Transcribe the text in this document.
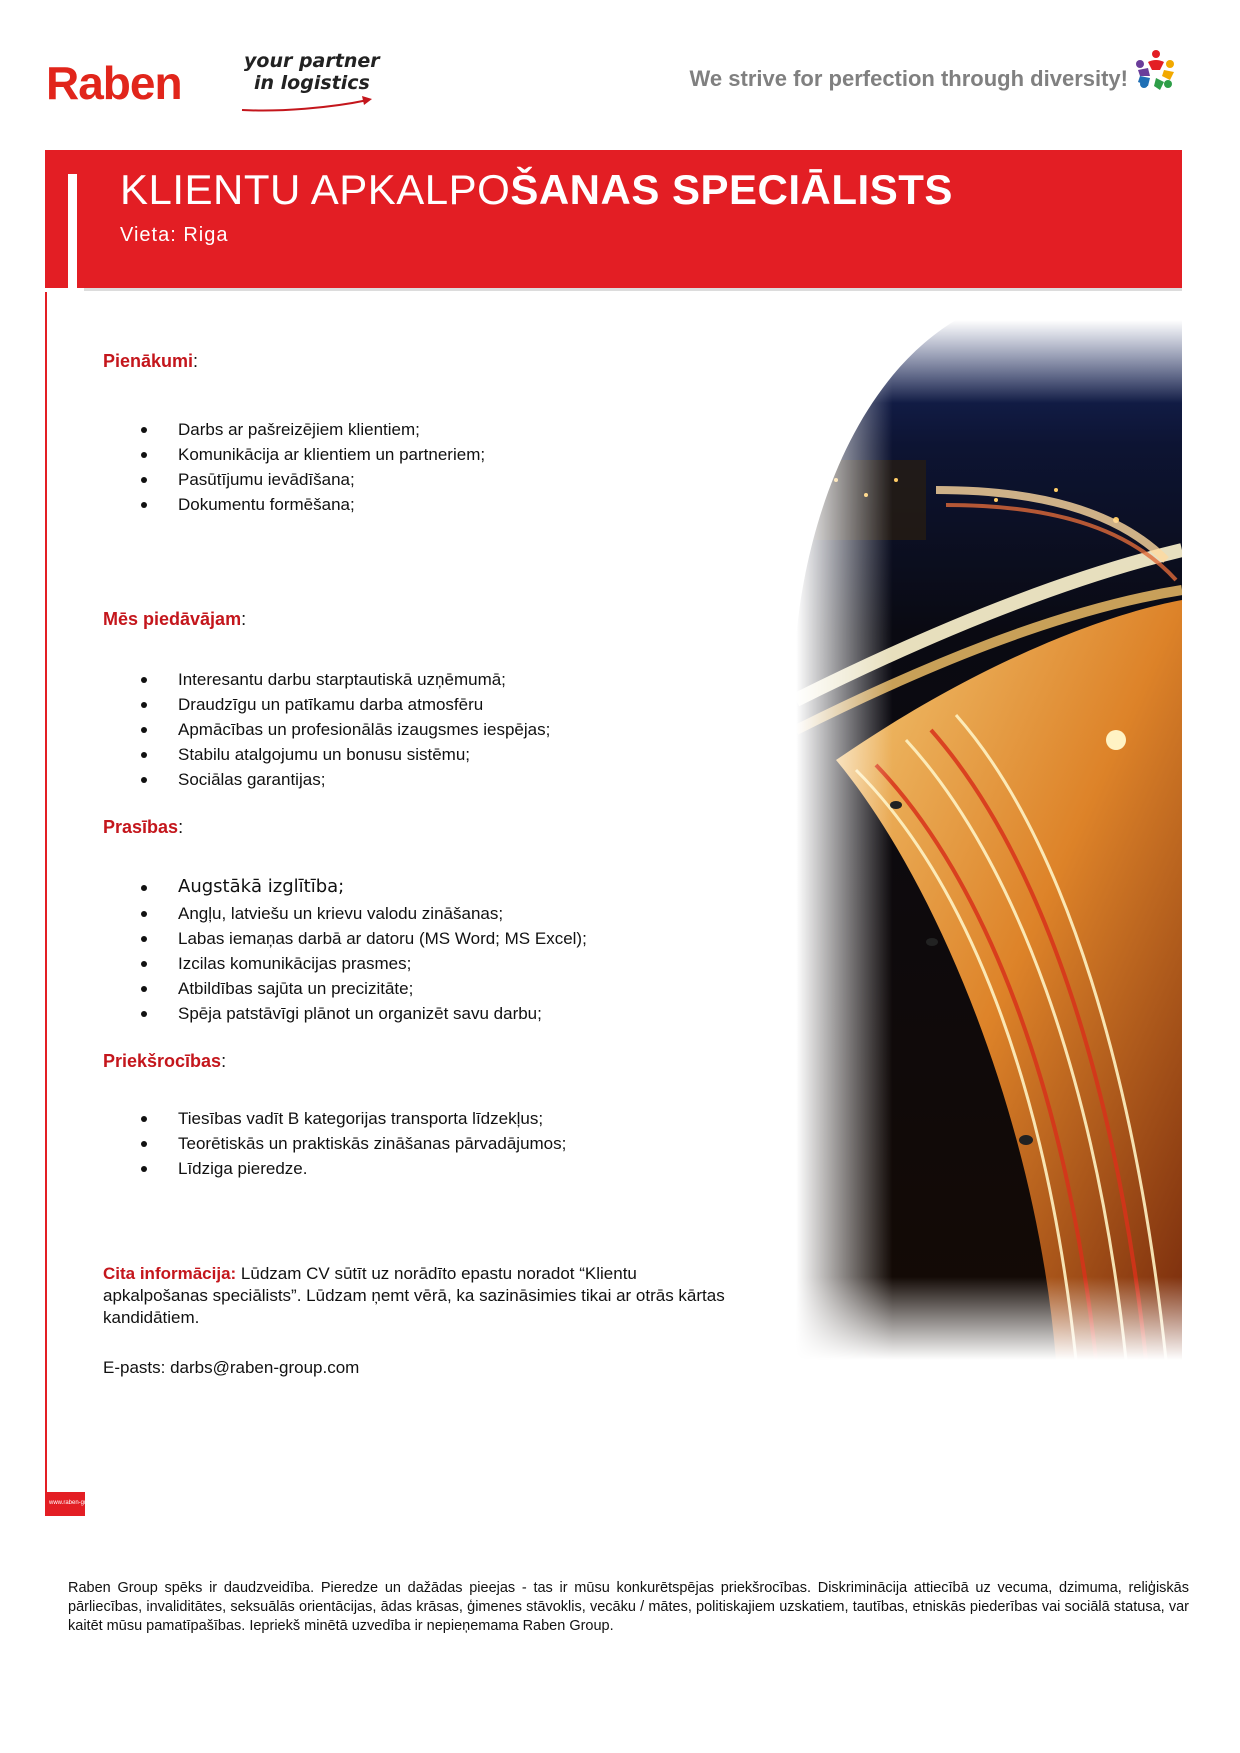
Raben	your partner
in logistics	We strive for perfection through diversity!
KLIENTU APKALPOŠANAS SPECIĀLISTS
Vieta: Riga
www.raben-group.com

Pienākumi:

Darbs ar pašreizējiem klientiem;
Komunikācija ar klientiem un partneriem;
Pasūtījumu ievādīšana;
Dokumentu formēšana;

Mēs piedāvājam:

Interesantu darbu starptautiskā uzņēmumā;
Draudzīgu un patīkamu darba atmosfēru
Apmācības un profesionālās izaugsmes iespējas;
Stabilu atalgojumu un bonusu sistēmu;
Sociālas garantijas;

Prasības:

Augstākā izglītība;
Angļu, latviešu un krievu valodu zināšanas;
Labas iemaņas darbā ar datoru (MS Word; MS Excel);
Izcilas komunikācijas prasmes;
Atbildības sajūta un precizitāte;
Spēja patstāvīgi plānot un organizēt savu darbu;

Priekšrocības:

Tiesības vadīt B kategorijas transporta līdzekļus;
Teorētiskās un praktiskās zināšanas pārvadājumos;
Līdziga pieredze.

Cita informācija: Lūdzam CV sūtīt uz norādīto epastu noradot “Klientu apkalpošanas speciālists”. Lūdzam ņemt vērā, ka sazināsimies tikai ar otrās kārtas kandidātiem.

E-pasts: darbs@raben-group.com

Raben Group spēks ir daudzveidība. Pieredze un dažādas pieejas - tas ir mūsu konkurētspējas priekšrocības. Diskriminācija attiecībā uz vecuma, dzimuma, reliģiskās pārliecības, invaliditātes, seksuālās orientācijas, ādas krāsas, ģimenes stāvoklis, vecāku / mātes, politiskajiem uzskatiem, tautības, etniskās piederības vai sociālā statusa, var kaitēt mūsu pamatīpašības. Iepriekš minētā uzvedība ir nepieņemama Raben Group.
